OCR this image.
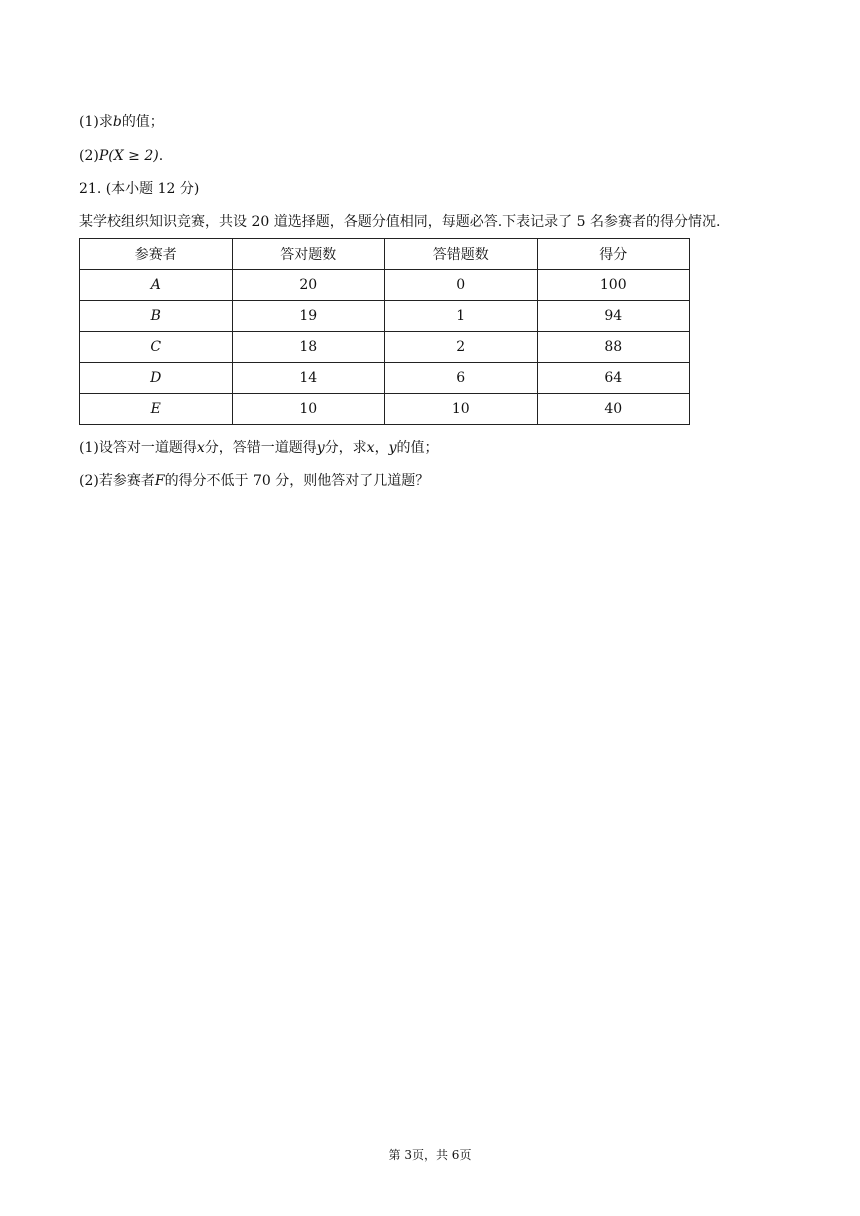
(1)求b的值；
(2)P(X ≥ 2).
21. (本小题 12 分)
某学校组织知识竞赛，共设 20 道选择题，各题分值相同，每题必答.下表记录了 5 名参赛者的得分情况.
参赛者	答对题数	答错题数	得分
A	20	0	100
B	19	1	94
C	18	2	88
D	14	6	64
E	10	10	40
(1)设答对一道题得x分，答错一道题得y分，求x，y的值；
(2)若参赛者F的得分不低于 70 分，则他答对了几道题？
第 3页，共 6页
